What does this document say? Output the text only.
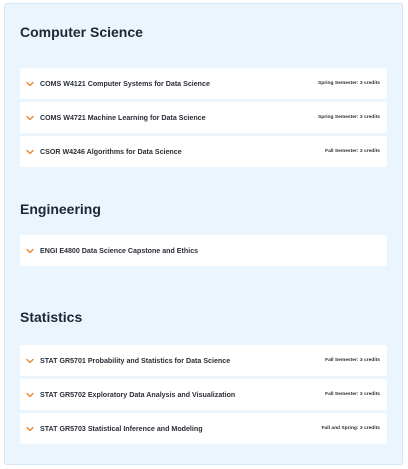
Computer Science
COMS W4121 Computer Systems for Data Science	Spring Semester: 3 credits
COMS W4721 Machine Learning for Data Science	Spring Semester: 3 credits
CSOR W4246 Algorithms for Data Science	Fall Semester: 3 credits
Engineering
ENGI E4800 Data Science Capstone and Ethics
Statistics
STAT GR5701 Probability and Statistics for Data Science	Fall Semester: 3 credits
STAT GR5702 Exploratory Data Analysis and Visualization	Fall Semester: 3 credits
STAT GR5703 Statistical Inference and Modeling	Fall and Spring: 3 credits
